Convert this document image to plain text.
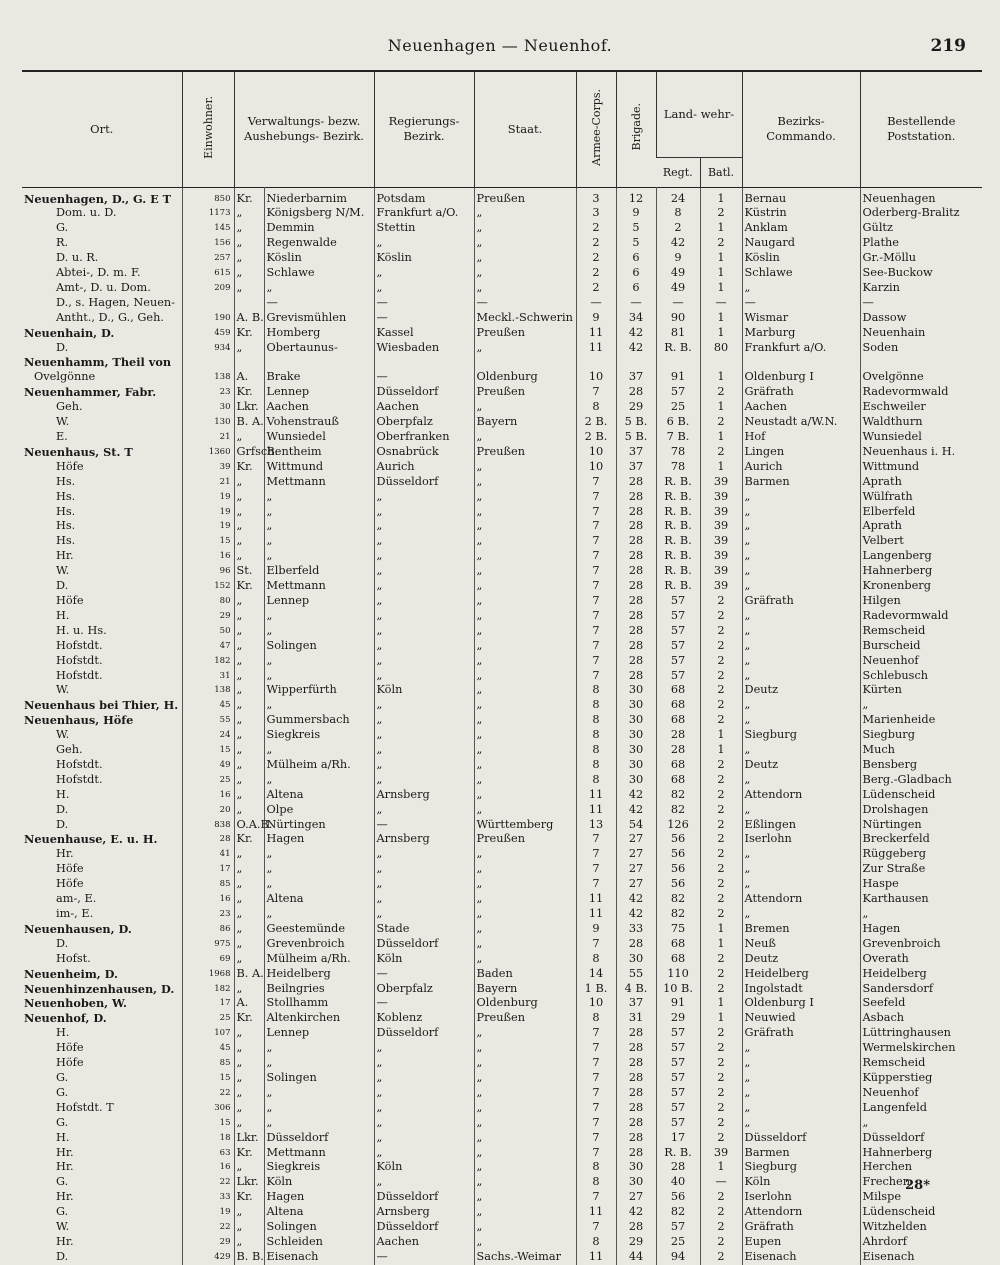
Neuenhagen — Neuenhof.	219
Ort.	Einwohner.	Verwaltungs- bezw. Aushebungs- Bezirk.		Regierungs- Bezirk.	Staat.	Armee-Corps.	Brigade.	Land- wehr-		Bezirks- Commando.	Bestellende Poststation.
								Regt.	Batl.		
Neuenhagen, D., G. E T	850	Kr.	Niederbarnim	Potsdam	Preußen	3	12	24	1	Bernau	Neuenhagen
Dom. u. D.	1173	„	Königsberg N/M.	Frankfurt a/O.	„	3	9	8	2	Küstrin	Oderberg-Bralitz
G.	145	„	Demmin	Stettin	„	2	5	2	1	Anklam	Gültz
R.	156	„	Regenwalde	„	„	2	5	42	2	Naugard	Plathe
D. u. R.	257	„	Köslin	Köslin	„	2	6	9	1	Köslin	Gr.-Möllu
Abtei-, D. m. F.	615	„	Schlawe	„	„	2	6	49	1	Schlawe	See-Buckow
Amt-, D. u. Dom.	209	„	„	„	„	2	6	49	1	„	Karzin
D., s. Hagen, Neuen-			—	—	—	—	—	—	—	—	—
Antht., D., G., Geh.	190	A. B.	Grevismühlen	—	Meckl.-Schwerin	9	34	90	1	Wismar	Dassow
Neuenhain, D.	459	Kr.	Homberg	Kassel	Preußen	11	42	81	1	Marburg	Neuenhain
D.	934	„	Obertaunus-	Wiesbaden	„	11	42	R. B.	80	Frankfurt a/O.	Soden
Neuenhamm, Theil von											
Ovelgönne	138	A.	Brake	—	Oldenburg	10	37	91	1	Oldenburg I	Ovelgönne
Neuenhammer, Fabr.	23	Kr.	Lennep	Düsseldorf	Preußen	7	28	57	2	Gräfrath	Radevormwald
Geh.	30	Lkr.	Aachen	Aachen	„	8	29	25	1	Aachen	Eschweiler
W.	130	B. A.	Vohenstrauß	Oberpfalz	Bayern	2 B.	5 B.	6 B.	2	Neustadt a/W.N.	Waldthurn
E.	21	„	Wunsiedel	Oberfranken	„	2 B.	5 B.	7 B.	1	Hof	Wunsiedel
Neuenhaus, St. T	1360	Grfsch.	Bentheim	Osnabrück	Preußen	10	37	78	2	Lingen	Neuenhaus i. H.
Höfe	39	Kr.	Wittmund	Aurich	„	10	37	78	1	Aurich	Wittmund
Hs.	21	„	Mettmann	Düsseldorf	„	7	28	R. B.	39	Barmen	Aprath
Hs.	19	„	„	„	„	7	28	R. B.	39	„	Wülfrath
Hs.	19	„	„	„	„	7	28	R. B.	39	„	Elberfeld
Hs.	19	„	„	„	„	7	28	R. B.	39	„	Aprath
Hs.	15	„	„	„	„	7	28	R. B.	39	„	Velbert
Hr.	16	„	„	„	„	7	28	R. B.	39	„	Langenberg
W.	96	St.	Elberfeld	„	„	7	28	R. B.	39	„	Hahnerberg
D.	152	Kr.	Mettmann	„	„	7	28	R. B.	39	„	Kronenberg
Höfe	80	„	Lennep	„	„	7	28	57	2	Gräfrath	Hilgen
H.	29	„	„	„	„	7	28	57	2	„	Radevormwald
H. u. Hs.	50	„	„	„	„	7	28	57	2	„	Remscheid
Hofstdt.	47	„	Solingen	„	„	7	28	57	2	„	Burscheid
Hofstdt.	182	„	„	„	„	7	28	57	2	„	Neuenhof
Hofstdt.	31	„	„	„	„	7	28	57	2	„	Schlebusch
W.	138	„	Wipperfürth	Köln	„	8	30	68	2	Deutz	Kürten
Neuenhaus bei Thier, H.	45	„	„	„	„	8	30	68	2	„	„
Neuenhaus, Höfe	55	„	Gummersbach	„	„	8	30	68	2	„	Marienheide
W.	24	„	Siegkreis	„	„	8	30	28	1	Siegburg	Siegburg
Geh.	15	„	„	„	„	8	30	28	1	„	Much
Hofstdt.	49	„	Mülheim a/Rh.	„	„	8	30	68	2	Deutz	Bensberg
Hofstdt.	25	„	„	„	„	8	30	68	2	„	Berg.-Gladbach
H.	16	„	Altena	Arnsberg	„	11	42	82	2	Attendorn	Lüdenscheid
D.	20	„	Olpe	„	„	11	42	82	2	„	Drolshagen
D.	838	O.A.B.	Nürtingen	—	Württemberg	13	54	126	2	Eßlingen	Nürtingen
Neuenhause, E. u. H.	28	Kr.	Hagen	Arnsberg	Preußen	7	27	56	2	Iserlohn	Breckerfeld
Hr.	41	„	„	„	„	7	27	56	2	„	Rüggeberg
Höfe	17	„	„	„	„	7	27	56	2	„	Zur Straße
Höfe	85	„	„	„	„	7	27	56	2	„	Haspe
am-, E.	16	„	Altena	„	„	11	42	82	2	Attendorn	Karthausen
im-, E.	23	„	„	„	„	11	42	82	2	„	„
Neuenhausen, D.	86	„	Geestemünde	Stade	„	9	33	75	1	Bremen	Hagen
D.	975	„	Grevenbroich	Düsseldorf	„	7	28	68	1	Neuß	Grevenbroich
Hofst.	69	„	Mülheim a/Rh.	Köln	„	8	30	68	2	Deutz	Overath
Neuenheim, D.	1968	B. A.	Heidelberg	—	Baden	14	55	110	2	Heidelberg	Heidelberg
Neuenhinzenhausen, D.	182	„	Beilngries	Oberpfalz	Bayern	1 B.	4 B.	10 B.	2	Ingolstadt	Sandersdorf
Neuenhoben, W.	17	A.	Stollhamm	—	Oldenburg	10	37	91	1	Oldenburg I	Seefeld
Neuenhof, D.	25	Kr.	Altenkirchen	Koblenz	Preußen	8	31	29	1	Neuwied	Asbach
H.	107	„	Lennep	Düsseldorf	„	7	28	57	2	Gräfrath	Lüttringhausen
Höfe	45	„	„	„	„	7	28	57	2	„	Wermelskirchen
Höfe	85	„	„	„	„	7	28	57	2	„	Remscheid
G.	15	„	Solingen	„	„	7	28	57	2	„	Küpperstieg
G.	22	„	„	„	„	7	28	57	2	„	Neuenhof
Hofstdt. T	306	„	„	„	„	7	28	57	2	„	Langenfeld
G.	15	„	„	„	„	7	28	57	2	„	„
H.	18	Lkr.	Düsseldorf	„	„	7	28	17	2	Düsseldorf	Düsseldorf
Hr.	63	Kr.	Mettmann	„	„	7	28	R. B.	39	Barmen	Hahnerberg
Hr.	16	„	Siegkreis	Köln	„	8	30	28	1	Siegburg	Herchen
G.	22	Lkr.	Köln	„	„	8	30	40	—	Köln	Frechen
Hr.	33	Kr.	Hagen	Düsseldorf	„	7	27	56	2	Iserlohn	Milspe
G.	19	„	Altena	Arnsberg	„	11	42	82	2	Attendorn	Lüdenscheid
W.	22	„	Solingen	Düsseldorf	„	7	28	57	2	Gräfrath	Witzhelden
Hr.	29	„	Schleiden	Aachen	„	8	29	25	2	Eupen	Ahrdorf
D.	429	B. B.	Eisenach	—	Sachs.-Weimar	11	44	94	2	Eisenach	Eisenach
28*
